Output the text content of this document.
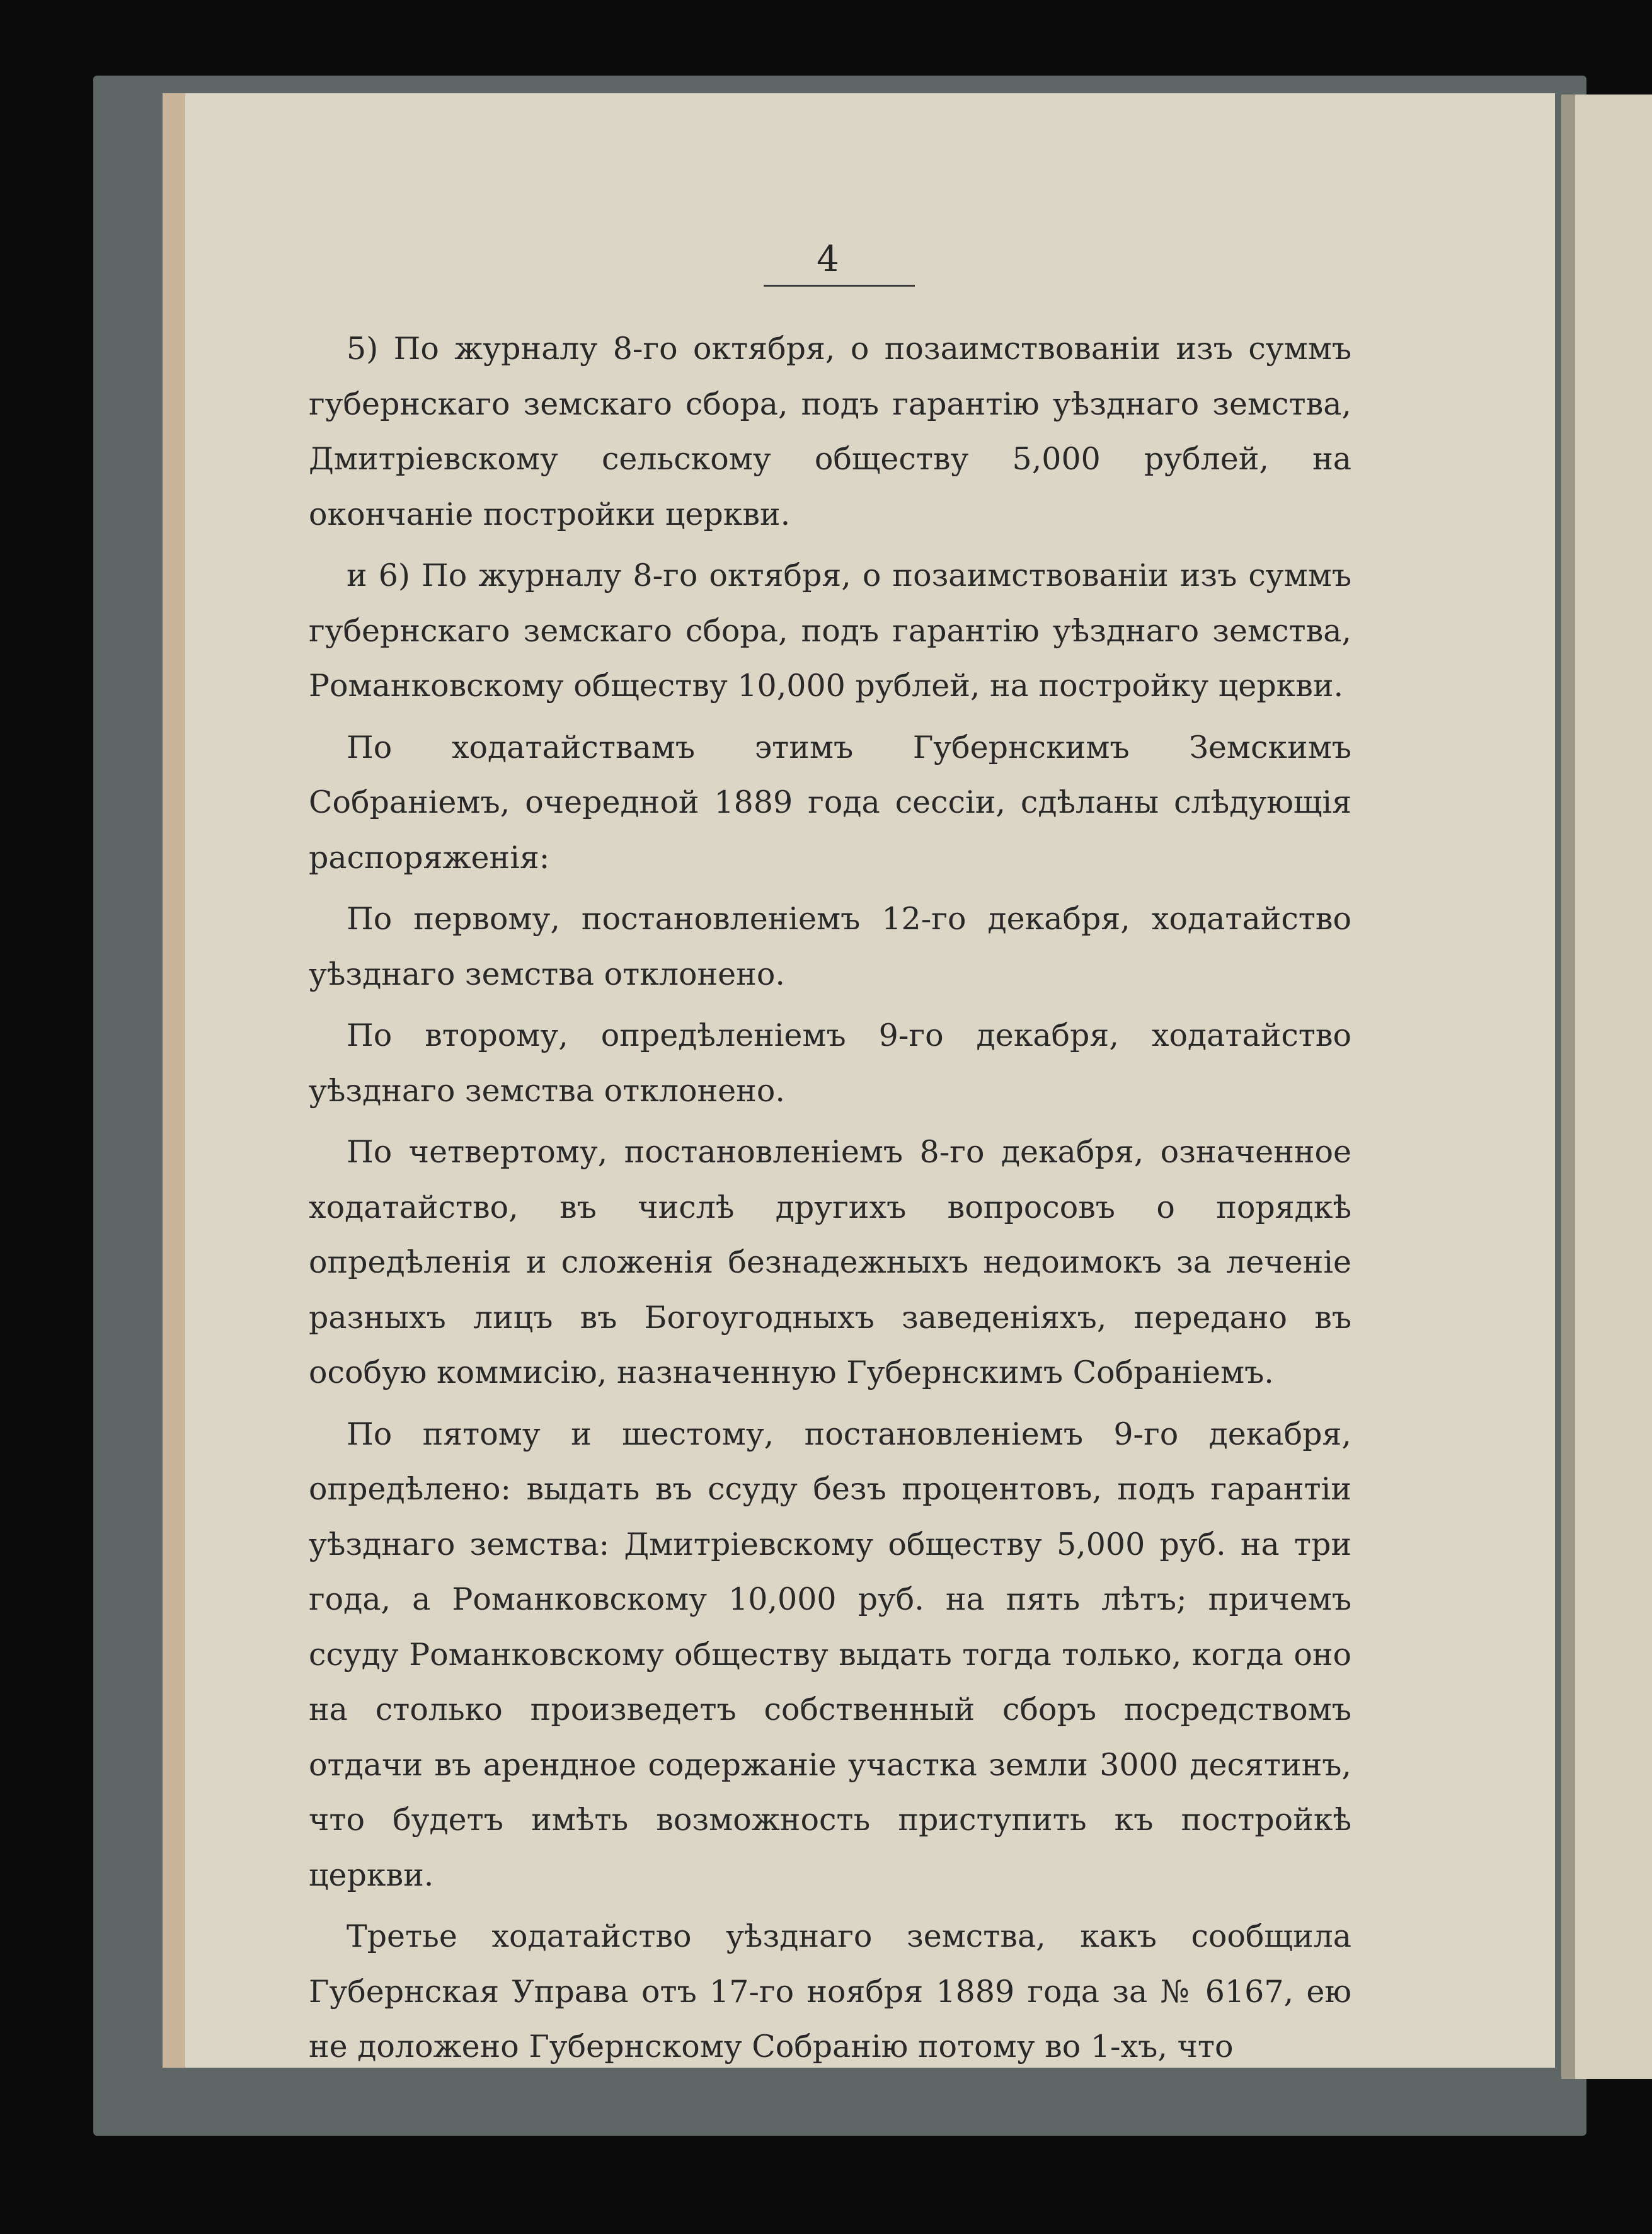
4

5) По журналу 8-го октября, о позаимствованіи изъ суммъ губернскаго земскаго сбора, подъ гарантію уѣзднаго земства, Дмитріевскому сельскому обществу 5,000 рублей, на окончаніе постройки церкви.

и 6) По журналу 8-го октября, о позаимствованіи изъ суммъ губернскаго земскаго сбора, подъ гарантію уѣзднаго земства, Романковскому обществу 10,000 рублей, на постройку церкви.

По ходатайствамъ этимъ Губернскимъ Земскимъ Собраніемъ, очередной 1889 года сессіи, сдѣланы слѣдующія распоряженія:

По первому, постановленіемъ 12-го декабря, ходатайство уѣзднаго земства отклонено.

По второму, опредѣленіемъ 9-го декабря, ходатайство уѣзднаго земства отклонено.

По четвертому, постановленіемъ 8-го декабря, означенное ходатайство, въ числѣ другихъ вопросовъ о порядкѣ опредѣленія и сложенія безнадежныхъ недоимокъ за леченіе разныхъ лицъ въ Богоугодныхъ заведеніяхъ, передано въ особую коммисію, назначенную Губернскимъ Собраніемъ.

По пятому и шестому, постановленіемъ 9-го декабря, опредѣлено: выдать въ ссуду безъ процентовъ, подъ гарантіи уѣзднаго земства: Дмитріевскому обществу 5,000 руб. на три года, а Романковскому 10,000 руб. на пять лѣтъ; причемъ ссуду Романковскому обществу выдать тогда только, когда оно на столько произведетъ собственный сборъ посредствомъ отдачи въ арендное содержаніе участка земли 3000 десятинъ, что будетъ имѣть возможность приступить къ постройкѣ церкви.

Третье ходатайство уѣзднаго земства, какъ сообщила Губернская Управа отъ 17-го ноября 1889 года за № 6167, ею не доложено Губернскому Собранію потому во 1-хъ, что
